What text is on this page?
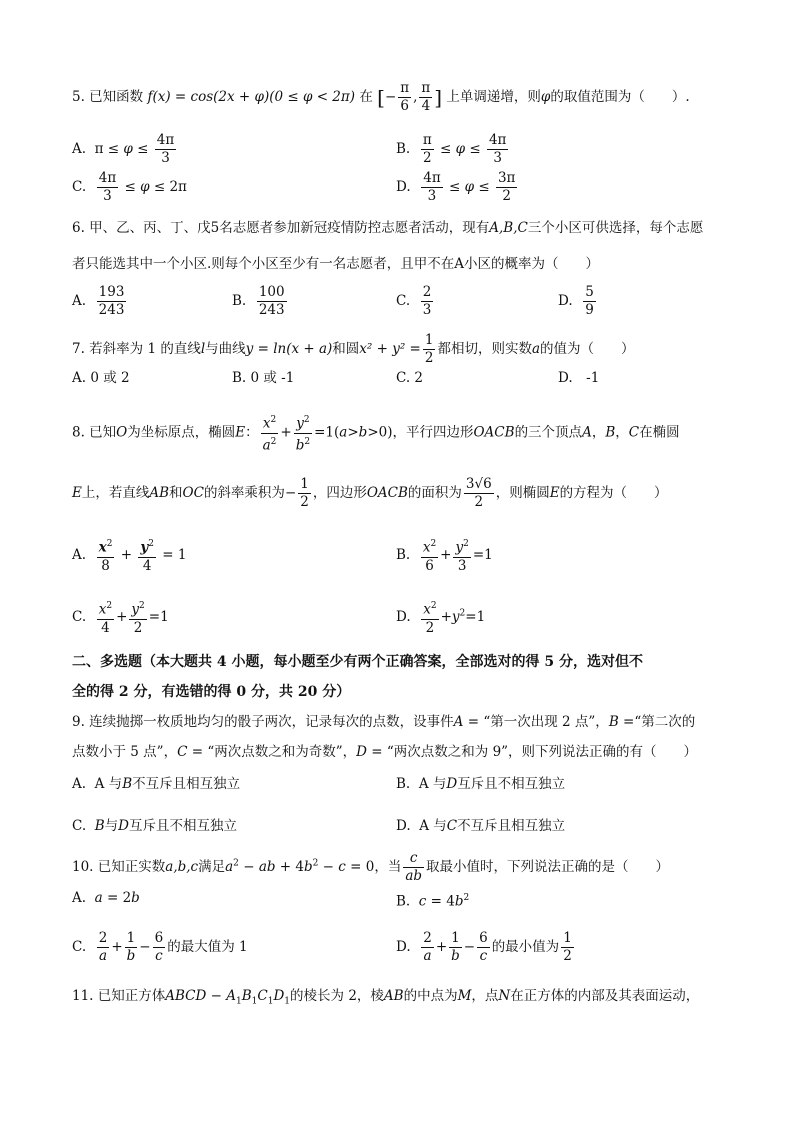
5. 已知函数 f(x) = cos(2x + φ)(0 ≤ φ < 2π) 在 [− $\frac{\pi}{6}$ , $\frac{\pi}{4}$ ] 上单调递增，则φ的取值范围为（　　）.
A.  $\pi \le \varphi \le \frac{4\pi}{3}$	B. $\frac{\pi}{2} \le \varphi \le \frac{4\pi}{3}$
C. $\frac{4\pi}{3} \le \varphi \le 2\pi$	D. $\frac{4\pi}{3} \le \varphi \le \frac{3\pi}{2}$
6. 甲、乙、丙、丁、戊5名志愿者参加新冠疫情防控志愿者活动，现有A,B,C三个小区可供选择，每个志愿
者只能选其中一个小区.则每个小区至少有一名志愿者，且甲不在A小区的概率为（　　）
A. $\frac{193}{243}$	B. $\frac{100}{243}$	C. $\frac{2}{3}$	D. $\frac{5}{9}$
7. 若斜率为 1 的直线l与曲线y = ln(x + a)和圆$x^2 + y^2 = \frac{1}{2}$ 都相切，则实数a的值为（　　）
A. 0 或 2	B. 0 或 -1	C. 2	D.　-1
8. 已知O为坐标原点，椭圆E： $\frac{x^2}{a^2} + \frac{y^2}{b^2} =1(a>b>0)$，平行四边形OACB的三个顶点A，B，C在椭圆
E上，若直线AB和OC的斜率乘积为− $\frac{1}{2}$ ，四边形OACB的面积为 $\frac{3√6}{2}$ ，则椭圆E的方程为（　　）
A. $\frac{x^2}{8} + \frac{y^2}{4} = 1$	B. $\frac{x^2}{6} + \frac{y^2}{3} =1$
C. $\frac{x^2}{4} + \frac{y^2}{2} =1$	D. $\frac{x^2}{2} +y^2=1$
二、多选题（本大题共 4 小题，每小题至少有两个正确答案，全部选对的得 5 分，选对但不
全的得 2 分，有选错的得 0 分，共 20 分）
9. 连续抛掷一枚质地均匀的骰子两次，记录每次的点数，设事件A = “第一次出现 2 点”，B =“第二次的
点数小于 5 点”，C = “两次点数之和为奇数”，D = “两次点数之和为 9”，则下列说法正确的有（　　）
A. A 与B不互斥且相互独立	B. A 与D互斥且不相互独立
C. B与D互斥且不相互独立	D. A 与C不互斥且相互独立
10. 已知正实数a,b,c满足$a^2$ − ab + $4b^2 - c = 0$，当 $\frac{c}{ab}$ 取最小值时，下列说法正确的是（　　）
A.  a = 2b	B.  $c = 4b^2$
C. $\frac{2}{a} + \frac{1}{b} - \frac{6}{c}$ 的最大值为 1	D. $\frac{2}{a} + \frac{1}{b} - \frac{6}{c}$ 的最小值为 $\frac{1}{2}$
11. 已知正方体ABCD − $A_1B_1C_1D_1$的棱长为 2，棱AB的中点为M，点N在正方体的内部及其表面运动，
